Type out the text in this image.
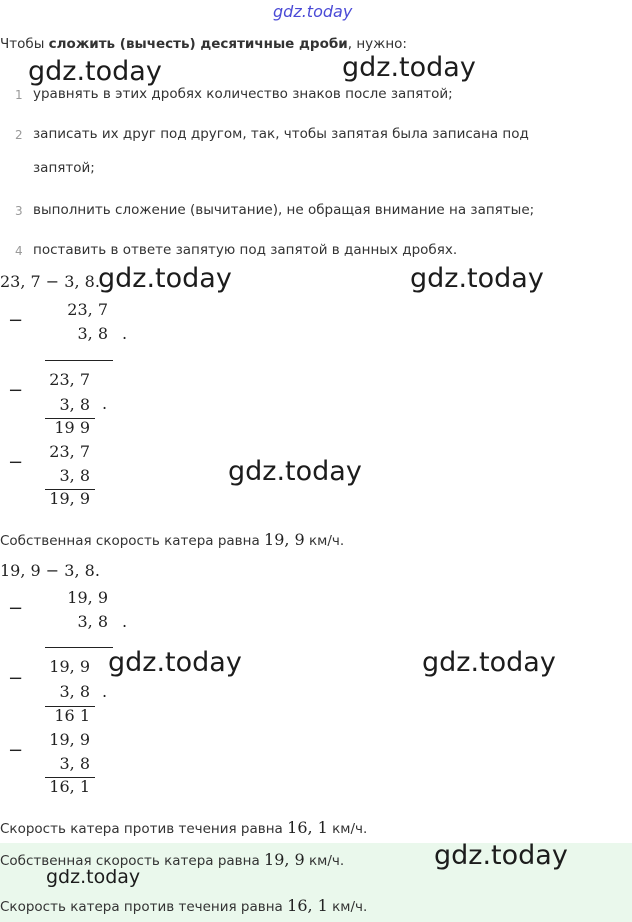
gdz.today
Чтобы сложить (вычесть) десятичные дроби, нужно:
gdz.today	gdz.today
1 уравнять в этих дробях количество знаков после запятой;
2 записать их друг под другом, так, чтобы запятая была записана под
запятой;
3 выполнить сложение (вычитание), не обращая внимание на запятые;
4 поставить в ответе запятую под запятой в данных дробях.
23, 7 − 3, 8.
gdz.today	gdz.today
−
23, 7
3, 8 .
−
23, 7
3, 8 .
19 9
−
23, 7
3, 8
19, 9
gdz.today
Собственная скорость катера равна 19, 9 км/ч.
19, 9 − 3, 8.
−
19, 9
3, 8 .
−
19, 9
3, 8 .
16 1
gdz.today	gdz.today
−
19, 9
3, 8
16, 1
Скорость катера против течения равна 16, 1 км/ч.
Собственная скорость катера равна 19, 9 км/ч.	gdz.today
gdz.today
Скорость катера против течения равна 16, 1 км/ч.
